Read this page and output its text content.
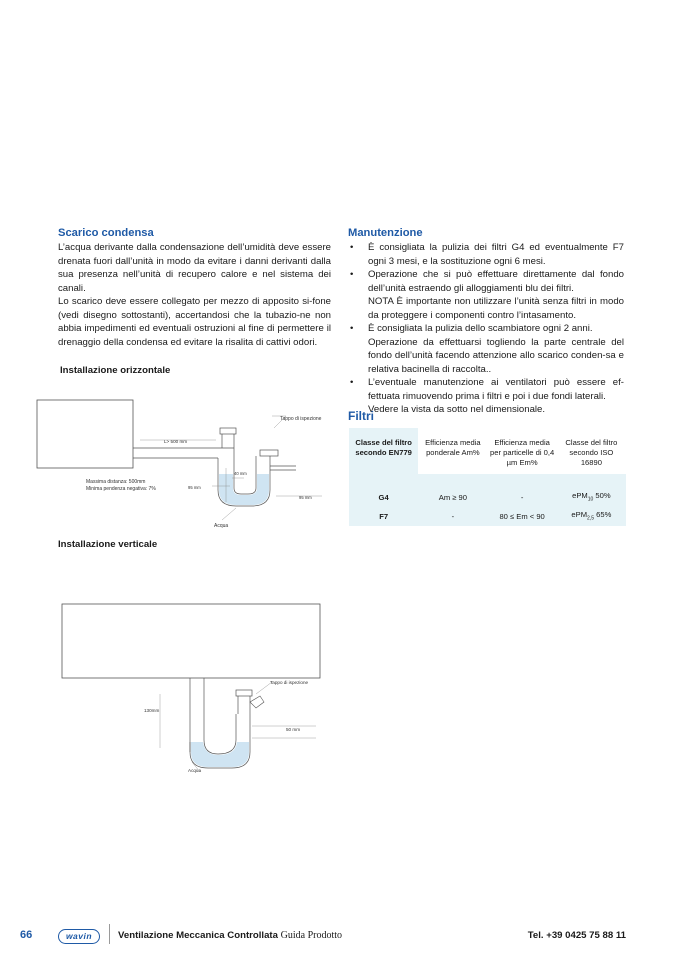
Scarico condensa

L’acqua derivante dalla condensazione dell’umidità deve essere drenata fuori dall’unità in modo da evitare i danni derivanti dalla sua presenza nell’unità di recupero calore e nel sistema dei canali.

Lo scarico deve essere collegato per mezzo di apposito si-fone (vedi disegno sottostanti), accertandosi che la tubazio-ne non abbia impedimenti ed eventuali ostruzioni al fine di permettere il drenaggio della condensa ed evitare la risalita di cattivi odori.

Installazione orizzontale
Tappo di ispezione
L> 500 mm
40 mm
95 mm
95 mm
Massima distanza: 500mm
Minima pendenza negativa: 7%
Acqua
Installazione verticale
Tappo di ispezione
130mm
50 mm
Acqua
Manutenzione
• È consigliata la pulizia dei filtri G4 ed eventualmente F7 ogni 3 mesi, e la sostituzione ogni 6 mesi.
• Operazione che si può effettuare direttamente dal fondo dell’unità estraendo gli alloggiamenti blu dei filtri.
NOTA È importante non utilizzare l’unità senza filtri in modo da proteggere i componenti contro l’intasamento.
• È consigliata la pulizia dello scambiatore ogni 2 anni.
Operazione da effettuarsi togliendo la parte centrale del fondo dell’unità facendo attenzione allo scarico conden-sa e relativa bacinella di raccolta..
• L’eventuale manutenzione ai ventilatori può essere ef-fettuata rimuovendo prima i filtri e poi i due fondi laterali.
Vedere la vista da sotto nel dimensionale.
Filtri
Classe del filtro secondo EN779	Efficienza media ponderale Am%	Efficienza media per particelle di 0,4 µm Em%	Classe del filtro secondo ISO 16890

G4	Am ≥ 90	-	ePM$_{10}$ 50%
F7	-	80 ≤ Em < 90	ePM$_{2,5}$ 65%
66	wavin	Ventilazione Meccanica Controllata Guida Prodotto	Tel. +39 0425 75 88 11
